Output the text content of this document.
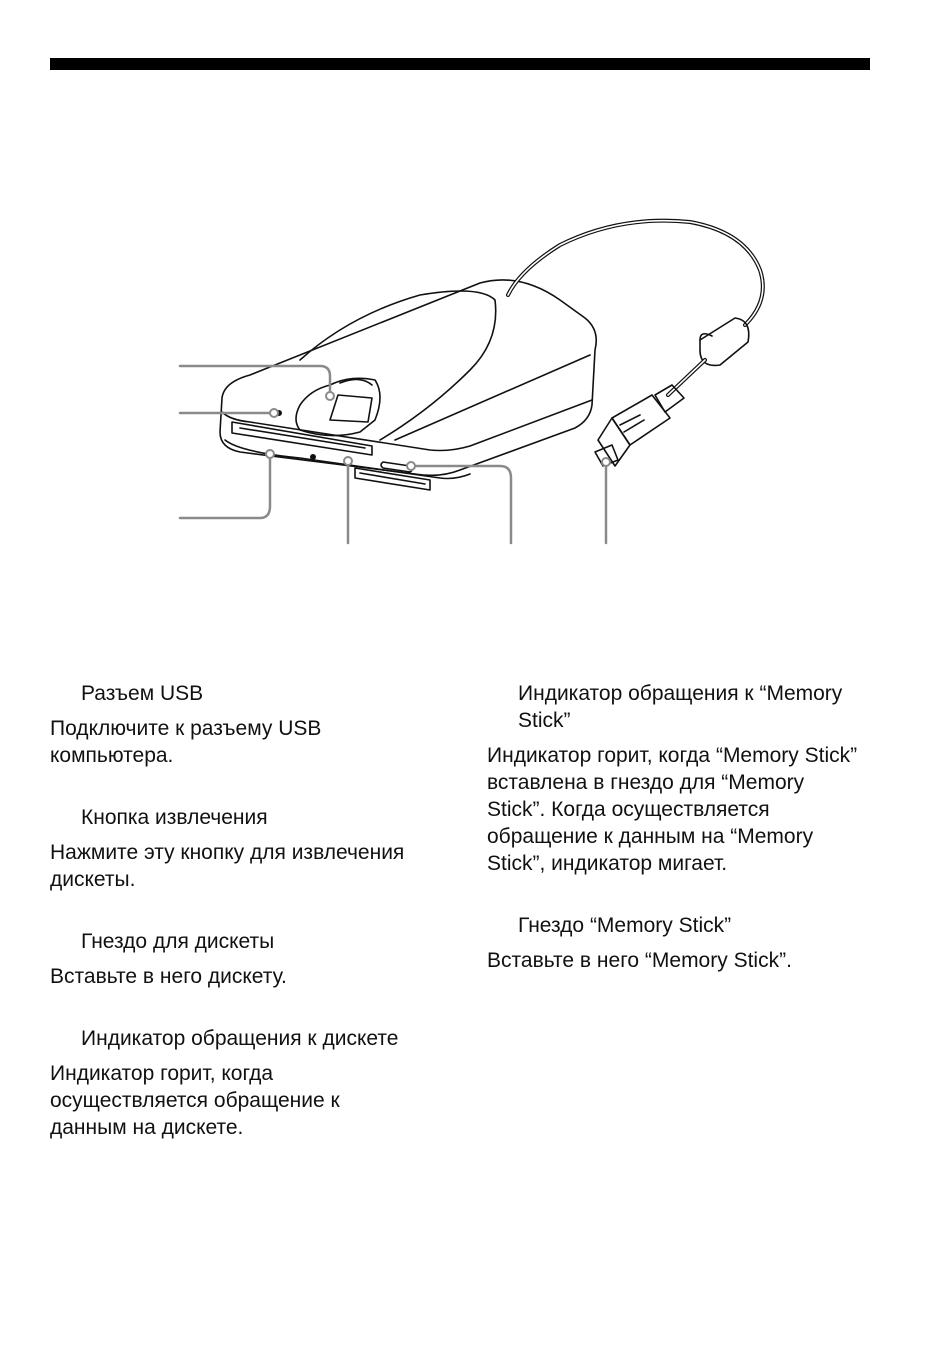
Разъем USB

Подключите к разъему USB компьютера.

Кнопка извлечения

Нажмите эту кнопку для извлечения дискеты.

Гнездо для дискеты

Вставьте в него дискету.

Индикатор обращения к дискете

Индикатор горит, когда осуществляется обращение к данным на дискете.

Индикатор обращения к “Memory Stick”

Индикатор горит, когда “Memory Stick” вставлена в гнездо для “Memory Stick”. Когда осуществляется обращение к данным на “Memory Stick”, индикатор мигает.

Гнездо “Memory Stick”

Вставьте в него “Memory Stick”.
